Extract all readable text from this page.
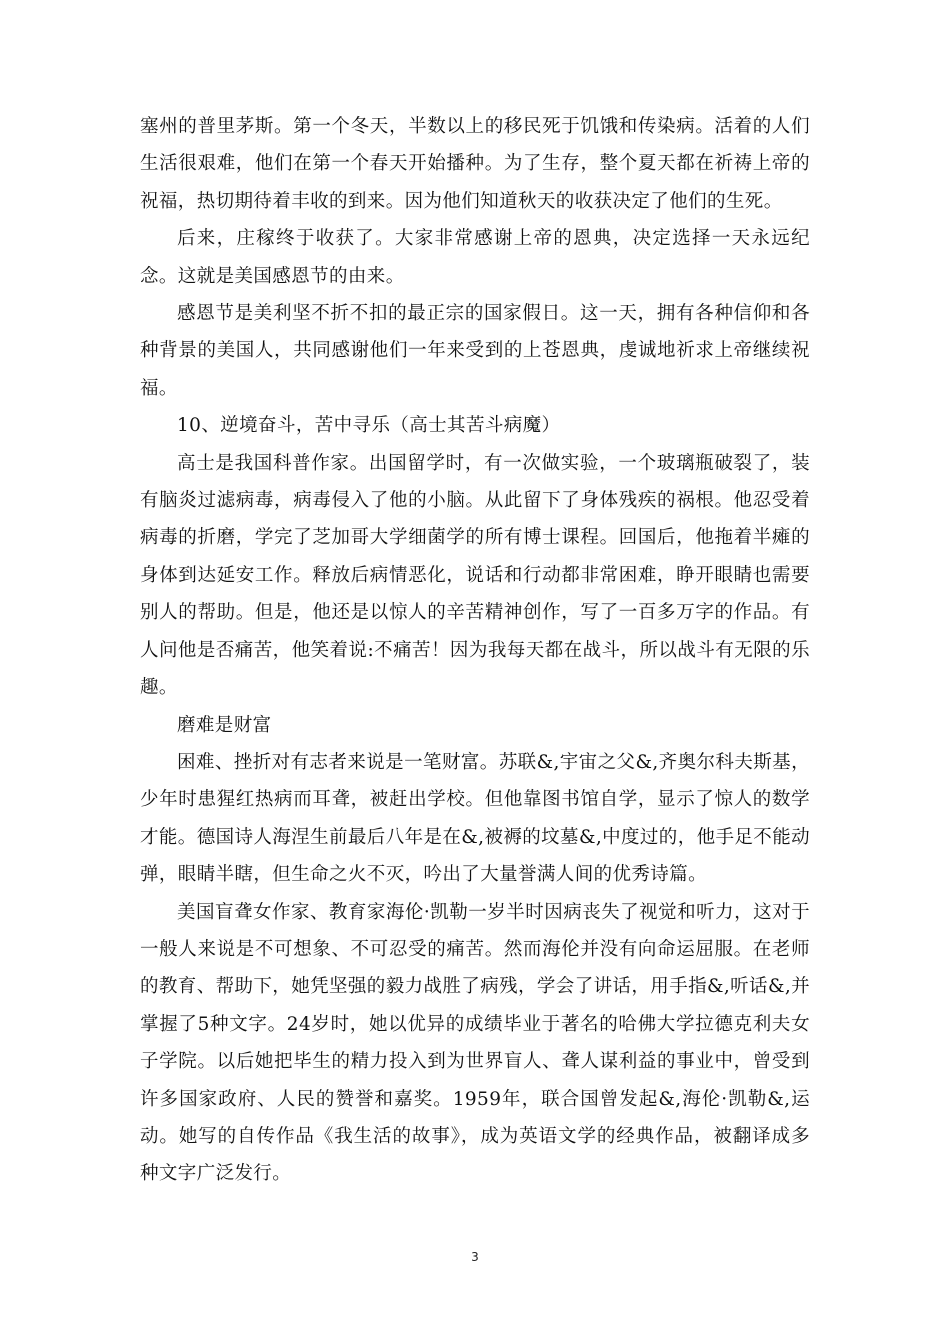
塞州的普里茅斯。第一个冬天，半数以上的移民死于饥饿和传染病。活着的人们生活很艰难，他们在第一个春天开始播种。为了生存，整个夏天都在祈祷上帝的祝福，热切期待着丰收的到来。因为他们知道秋天的收获决定了他们的生死。

后来，庄稼终于收获了。大家非常感谢上帝的恩典，决定选择一天永远纪念。这就是美国感恩节的由来。

感恩节是美利坚不折不扣的最正宗的国家假日。这一天，拥有各种信仰和各种背景的美国人，共同感谢他们一年来受到的上苍恩典，虔诚地祈求上帝继续祝福。

10、逆境奋斗，苦中寻乐（高士其苦斗病魔）

高士是我国科普作家。出国留学时，有一次做实验，一个玻璃瓶破裂了，装有脑炎过滤病毒，病毒侵入了他的小脑。从此留下了身体残疾的祸根。他忍受着病毒的折磨，学完了芝加哥大学细菌学的所有博士课程。回国后，他拖着半瘫的身体到达延安工作。释放后病情恶化，说话和行动都非常困难，睁开眼睛也需要别人的帮助。但是，他还是以惊人的辛苦精神创作，写了一百多万字的作品。有人问他是否痛苦，他笑着说:不痛苦！因为我每天都在战斗，所以战斗有无限的乐趣。

磨难是财富

困难、挫折对有志者来说是一笔财富。苏联&,宇宙之父&,齐奥尔科夫斯基，少年时患猩红热病而耳聋，被赶出学校。但他靠图书馆自学，显示了惊人的数学才能。德国诗人海涅生前最后八年是在&,被褥的坟墓&,中度过的，他手足不能动弹，眼睛半瞎，但生命之火不灭，吟出了大量誉满人间的优秀诗篇。

美国盲聋女作家、教育家海伦·凯勒一岁半时因病丧失了视觉和听力，这对于一般人来说是不可想象、不可忍受的痛苦。然而海伦并没有向命运屈服。在老师的教育、帮助下，她凭坚强的毅力战胜了病残，学会了讲话，用手指&,听话&,并掌握了5种文字。24岁时，她以优异的成绩毕业于著名的哈佛大学拉德克利夫女子学院。以后她把毕生的精力投入到为世界盲人、聋人谋利益的事业中，曾受到许多国家政府、人民的赞誉和嘉奖。1959年，联合国曾发起&,海伦·凯勒&,运动。她写的自传作品《我生活的故事》，成为英语文学的经典作品，被翻译成多种文字广泛发行。

3
